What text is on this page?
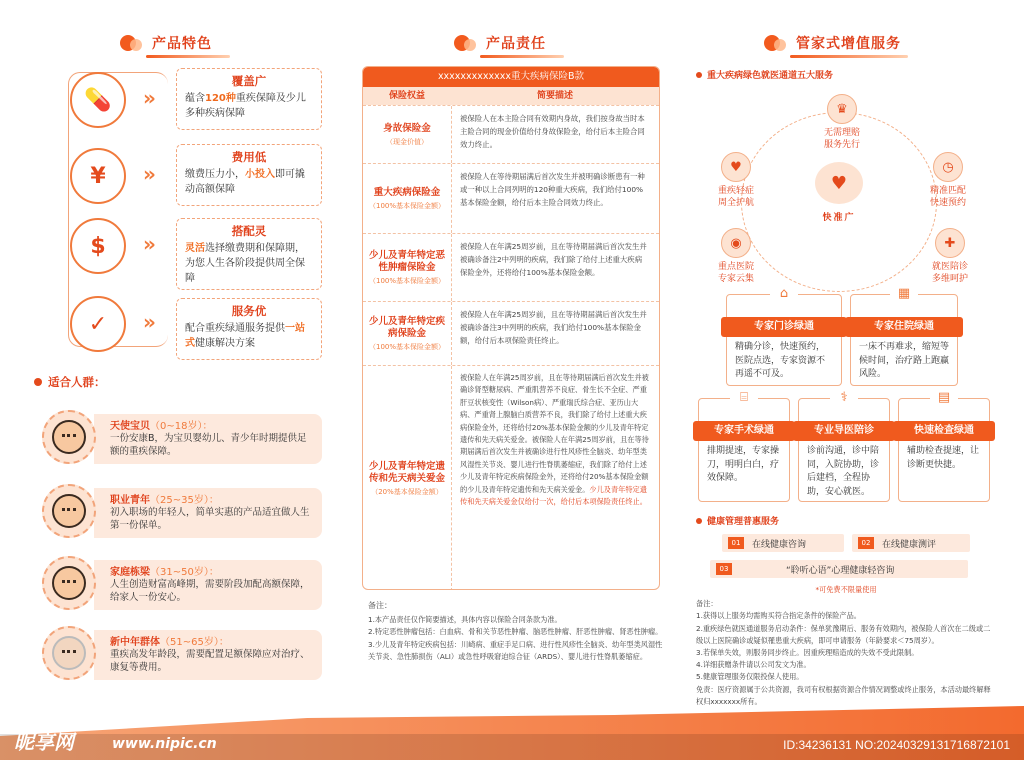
产品特色
💊
¥
$
✓
»
»
»
»
覆盖广
蕴含120种重疾保障及少儿多种疾病保障
费用低
缴费压力小，小投入即可撬动高额保障
搭配灵
灵活选择缴费期和保障期，为您人生各阶段提供周全保障
服务优
配合重疾绿通服务提供一站式健康解决方案
适合人群：
天使宝贝（0~18岁）：
一份安康B，为宝贝婴幼儿、青少年时期提供足额的重疾保障。
职业青年（25~35岁）：
初入职场的年轻人，简单实惠的产品适宜做人生第一份保单。
家庭栋梁（31~50岁）：
人生创造财富高峰期，需要阶段加配高额保障，给家人一份安心。
新中年群体（51~65岁）：
重疾高发年龄段，需要配置足额保障应对治疗、康复等费用。
产品责任
xxxxxxxxxxxxx重大疾病保险B款
保险权益	简要描述
身故保险金
（现金价值）
被保险人在本主险合同有效期内身故，我们按身故当时本主险合同的现金价值给付身故保险金，给付后本主险合同效力终止。
重大疾病保险金
（100%基本保险金额）
被保险人在等待期届满后首次发生并被明确诊断患有一种或一种以上合同列明的120种重大疾病，我们给付100%基本保险金额，给付后本主险合同效力终止。
少儿及青年特定恶性肿瘤保险金
（100%基本保险金额）
被保险人在年满25周岁前，且在等待期届满后首次发生并被确诊备注2中列明的疾病，我们除了给付上述重大疾病保险金外，还将给付100%基本保险金额。
少儿及青年特定疾病保险金
（100%基本保险金额）
被保险人在年满25周岁前，且在等待期届满后首次发生并被确诊备注3中列明的疾病，我们给付100%基本保险金额，给付后本项保险责任终止。
少儿及青年特定遗传和先天病关爱金
（20%基本保险金额）
被保险人在年满25周岁前，且在等待期届满后首次发生并被确诊肾型糖尿病、严重肌营养不良症、骨生长不全症、严重肝豆状核变性（Wilson病）、严重瑞氏综合症、亚历山大病、严重肾上腺脑白质营养不良，我们除了给付上述重大疾病保险金外，还将给付20%基本保险金额的少儿及青年特定遗传和先天病关爱金。被保险人在年满25周岁前，且在等待期届满后首次发生并被确诊进行性风疹性全脑炎、幼年型类风湿性关节炎、婴儿进行性脊肌萎缩症，我们除了给付上述少儿及青年特定疾病保险金外，还将给付20%基本保险金额的少儿及青年特定遗传和先天病关爱金。少儿及青年特定遗传和先天病关爱金仅给付一次，给付后本项保险责任终止。
备注：
1.本产品责任仅作简要描述，具体内容以保险合同条款为准。
2.特定恶性肿瘤包括：白血病、骨和关节恶性肿瘤、脑恶性肿瘤、肝恶性肿瘤、肾恶性肿瘤。
3.少儿及青年特定疾病包括：川崎病、重症手足口病、进行性风疹性全脑炎、幼年型类风湿性关节炎、急性肺损伤（ALI）或急性呼吸窘迫综合征（ARDS）、婴儿进行性脊肌萎缩症。
管家式增值服务
重大疾病绿色就医通道五大服务
♥
快准广
♛
无需理赔
服务先行
♥
重疾轻症
周全护航
◷
精准匹配
快速预约
◉
重点医院
专家云集
✚
就医陪诊
多维呵护
⌂
专家门诊绿通
精确分诊，快速预约，医院点选，专家资源不再遥不可及。
▦
专家住院绿通
一床不再难求，缩短等候时间，治疗路上跑赢风险。
⌸
专家手术绿通
排期提速，专家操刀，明明白白，疗效保障。
⚕
专业导医陪诊
诊前沟通，诊中陪同，入院协助，诊后建档，全程协助，安心就医。
▤
快速检查绿通
辅助检查提速，让诊断更快捷。
健康管理普惠服务
01	在线健康咨询	02	在线健康测评
03	“聆听心语”心理健康轻咨询
*可免费不限量使用
备注：
1.获得以上服务均需购买符合指定条件的保险产品。
2.重疾绿色就医通道服务启动条件：保单犹豫期后、服务有效期内，被保险人首次在二级或二级以上医院确诊或疑似罹患重大疾病，即可申请服务（年龄要求＜75周岁）。
3.若保单失效，则服务同步终止。因重疾理赔造成的失效不受此限制。
4.详细获赠条件请以公司发文为准。
5.健康管理服务仅限投保人使用。
免责：医疗资源属于公共资源，我司有权根据资源合作情况调整或终止服务，本活动最终解释权归xxxxxxx所有。
昵享网	www.nipic.cn	ID:34236131 NO:20240329131716872101
